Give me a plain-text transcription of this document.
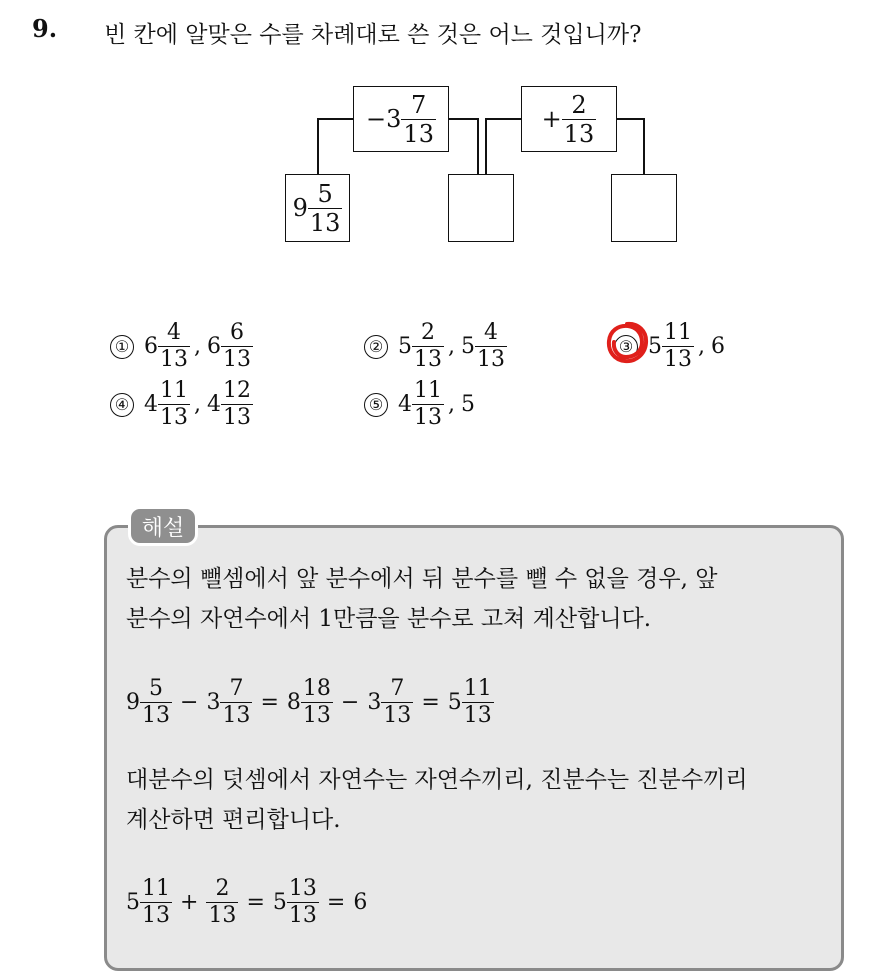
9. 빈 칸에 알맞은 수를 차례대로 쓴 것은 어느 것입니까?
− $3 \frac{7}{13}$	+ $\frac{2}{13}$
$9 \frac{5}{13}$
① $6 \frac{4}{13}$ , $6 \frac{6}{13}$	② $5 \frac{2}{13}$ , $5 \frac{4}{13}$	③ $5 \frac{11}{13}$ , 6
④ $4 \frac{11}{13}$ , $4 \frac{12}{13}$	⑤ $4 \frac{11}{13}$ , 5
해설
분수의 뺄셈에서 앞 분수에서 뒤 분수를 뺄 수 없을 경우, 앞
분수의 자연수에서 1만큼을 분수로 고쳐 계산합니다.
$9 \frac{5}{13} - 3 \frac{7}{13} = 8 \frac{18}{13} - 3 \frac{7}{13} = 5 \frac{11}{13}$
대분수의 덧셈에서 자연수는 자연수끼리, 진분수는 진분수끼리
계산하면 편리합니다.
$5 \frac{11}{13} + \frac{2}{13} = 5 \frac{13}{13} = 6$
